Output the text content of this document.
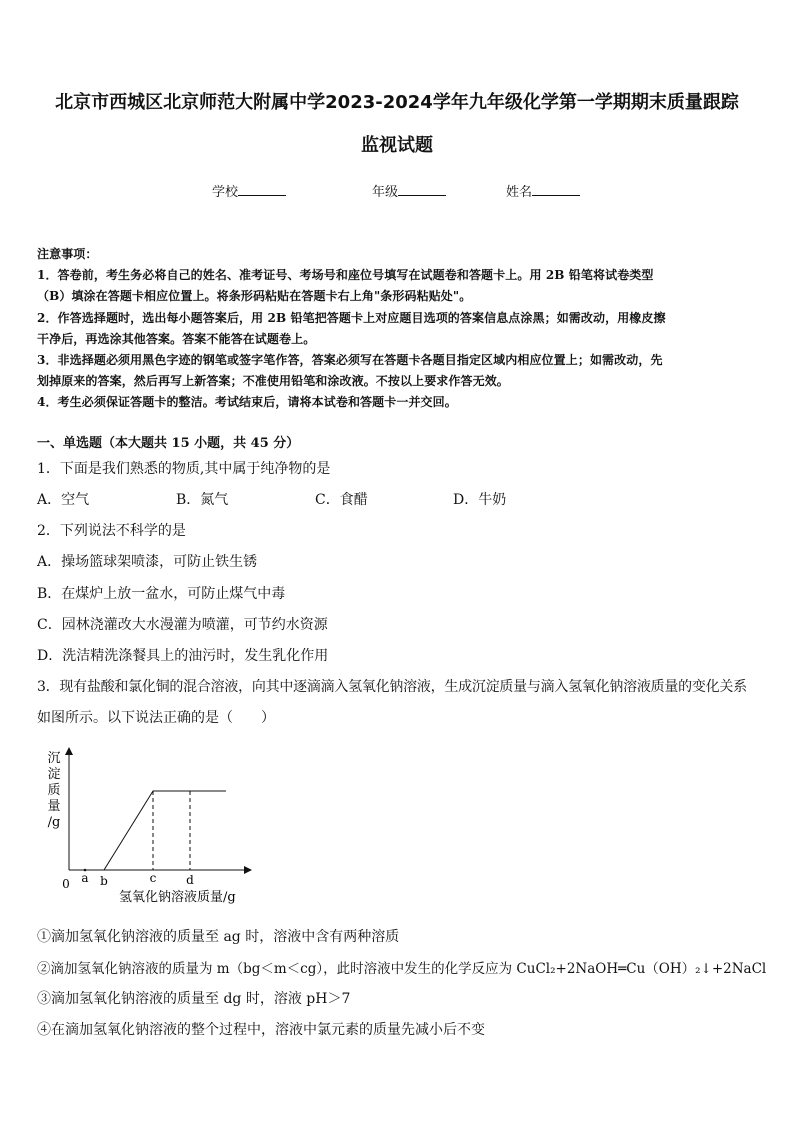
北京市西城区北京师范大附属中学2023-2024学年九年级化学第一学期期末质量跟踪
监视试题
学校	年级	姓名
注意事项：
1．答卷前，考生务必将自己的姓名、准考证号、考场号和座位号填写在试题卷和答题卡上。用 2B 铅笔将试卷类型
（B）填涂在答题卡相应位置上。将条形码粘贴在答题卡右上角"条形码粘贴处"。
2．作答选择题时，选出每小题答案后，用 2B 铅笔把答题卡上对应题目选项的答案信息点涂黑；如需改动，用橡皮擦
干净后，再选涂其他答案。答案不能答在试题卷上。
3．非选择题必须用黑色字迹的钢笔或签字笔作答，答案必须写在答题卡各题目指定区域内相应位置上；如需改动，先
划掉原来的答案，然后再写上新答案；不准使用铅笔和涂改液。不按以上要求作答无效。
4．考生必须保证答题卡的整洁。考试结束后，请将本试卷和答题卡一并交回。
一、单选题（本大题共 15 小题，共 45 分）
1．下面是我们熟悉的物质,其中属于纯净物的是
A．空气	B．氮气	C．食醋	D．牛奶
2．下列说法不科学的是
A．操场篮球架喷漆，可防止铁生锈
B．在煤炉上放一盆水，可防止煤气中毒
C．园林浇灌改大水漫灌为喷灌，可节约水资源
D．洗洁精洗涤餐具上的油污时，发生乳化作用
3．现有盐酸和氯化铜的混合溶液，向其中逐滴滴入氢氧化钠溶液，生成沉淀质量与滴入氢氧化钠溶液质量的变化关系
如图所示。以下说法正确的是（　　）
沉
淀
质
量
/g
a b	c d
0
氢氧化钠溶液质量/g
①滴加氢氧化钠溶液的质量至 ag 时，溶液中含有两种溶质
②滴加氢氧化钠溶液的质量为 m（bg＜m＜cg），此时溶液中发生的化学反应为 CuCl₂+2NaOH═Cu（OH）₂↓+2NaCl
③滴加氢氧化钠溶液的质量至 dg 时，溶液 pH＞7
④在滴加氢氧化钠溶液的整个过程中，溶液中氯元素的质量先减小后不变
